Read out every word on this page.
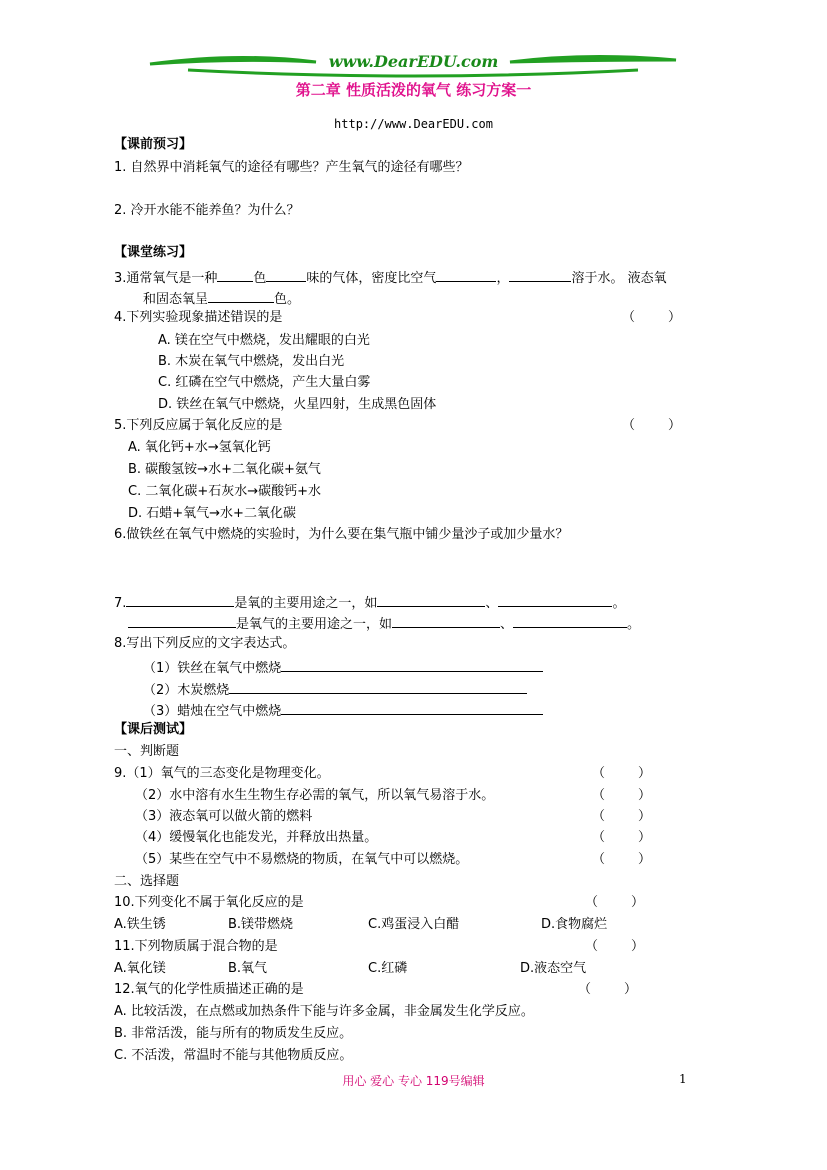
www.DearEDU.com
第二章 性质活泼的氧气 练习方案一
http://www.DearEDU.com
【课前预习】
1. 自然界中消耗氧气的途径有哪些？产生氧气的途径有哪些？
2. 冷开水能不能养鱼？为什么？
【课堂练习】
3.通常氧气是一种	色	味的气体，密度比空气	，	溶于水。 液态氧
和固态氧呈	色。
4.下列实验现象描述错误的是	（        ）
A. 镁在空气中燃烧，发出耀眼的白光
B. 木炭在氧气中燃烧，发出白光
C. 红磷在空气中燃烧，产生大量白雾
D. 铁丝在氧气中燃烧，火星四射，生成黑色固体
5.下列反应属于氧化反应的是	（        ）
A. 氧化钙+水→氢氧化钙
B. 碳酸氢铵→水+二氧化碳+氨气
C. 二氧化碳+石灰水→碳酸钙+水
D. 石蜡+氧气→水+二氧化碳
6.做铁丝在氧气中燃烧的实验时，为什么要在集气瓶中铺少量沙子或加少量水？
7.	是氧的主要用途之一，如	、	。
是氧气的主要用途之一，如	、	。
8.写出下列反应的文字表达式。
（1）铁丝在氧气中燃烧
（2）木炭燃烧
（3）蜡烛在空气中燃烧
【课后测试】
一、判断题
9.（1）氧气的三态变化是物理变化。	（        ）
（2）水中溶有水生生物生存必需的氧气，所以氧气易溶于水。	（        ）
（3）液态氧可以做火箭的燃料	（        ）
（4）缓慢氧化也能发光，并释放出热量。	（        ）
（5）某些在空气中不易燃烧的物质，在氧气中可以燃烧。	（        ）
二、选择题
10.下列变化不属于氧化反应的是	（        ）
A.铁生锈	B.镁带燃烧	C.鸡蛋浸入白醋	D.食物腐烂
11.下列物质属于混合物的是	（        ）
A.氧化镁	B.氧气	C.红磷	D.液态空气
12.氧气的化学性质描述正确的是	（        ）
A. 比较活泼，在点燃或加热条件下能与许多金属，非金属发生化学反应。
B. 非常活泼，能与所有的物质发生反应。
C. 不活泼，常温时不能与其他物质反应。
用心 爱心 专心 119号编辑	1
